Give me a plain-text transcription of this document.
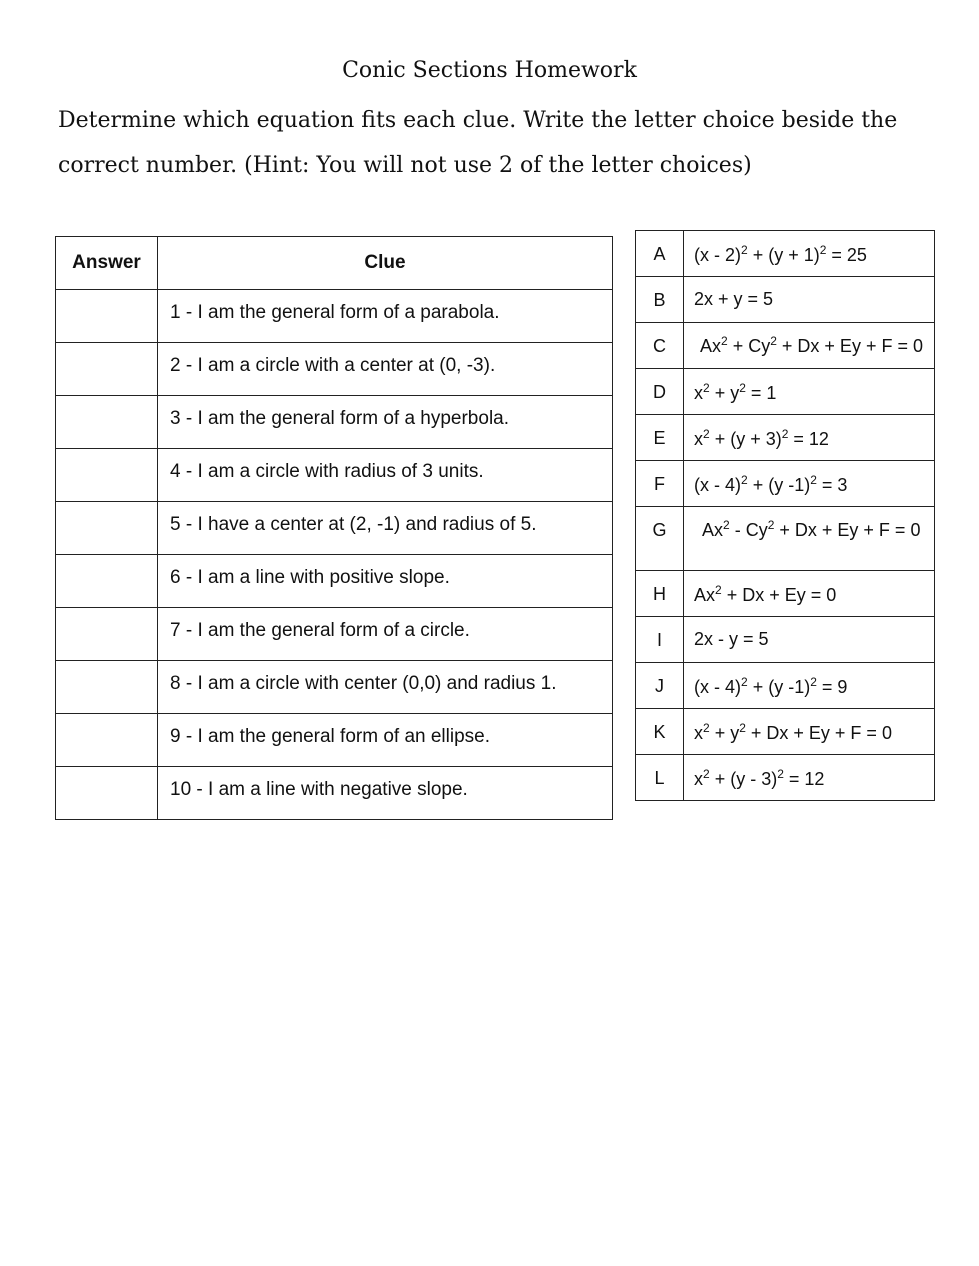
Conic Sections Homework
Determine which equation fits each clue. Write the letter choice beside the correct number. (Hint: You will not use 2 of the letter choices)
Answer	Clue
	1 - I am the general form of a parabola.
	2 - I am a circle with a center at (0, -3).
	3 - I am the general form of a hyperbola.
	4 - I am a circle with radius of 3 units.
	5 - I have a center at (2, -1) and radius of 5.
	6 - I am a line with positive slope.
	7 - I am the general form of a circle.
	8 - I am a circle with center (0,0) and radius 1.
	9 - I am the general form of an ellipse.
	10 - I am a line with negative slope.
A	$(x - 2)^2 + (y + 1)^2 = 25$
B	2x + y = 5
C	$Ax^2 + Cy^2 + Dx + Ey + F = 0$
D	$x^2 + y^2 = 1$
E	$x^2 + (y + 3)^2 = 12$
F	(x - 4)$^2$ + (y -1)$^2$ = 3
G	$Ax^2 - Cy^2 + Dx + Ey + F = 0$
H	$Ax^2 + Dx + Ey = 0$
I	2x - y = 5
J	(x - 4)$^2$ + (y -1)$^2$ = 9
K	$x^2 + y^2 + Dx + Ey + F = 0$
L	$x^2 + (y - 3)^2 = 12$
